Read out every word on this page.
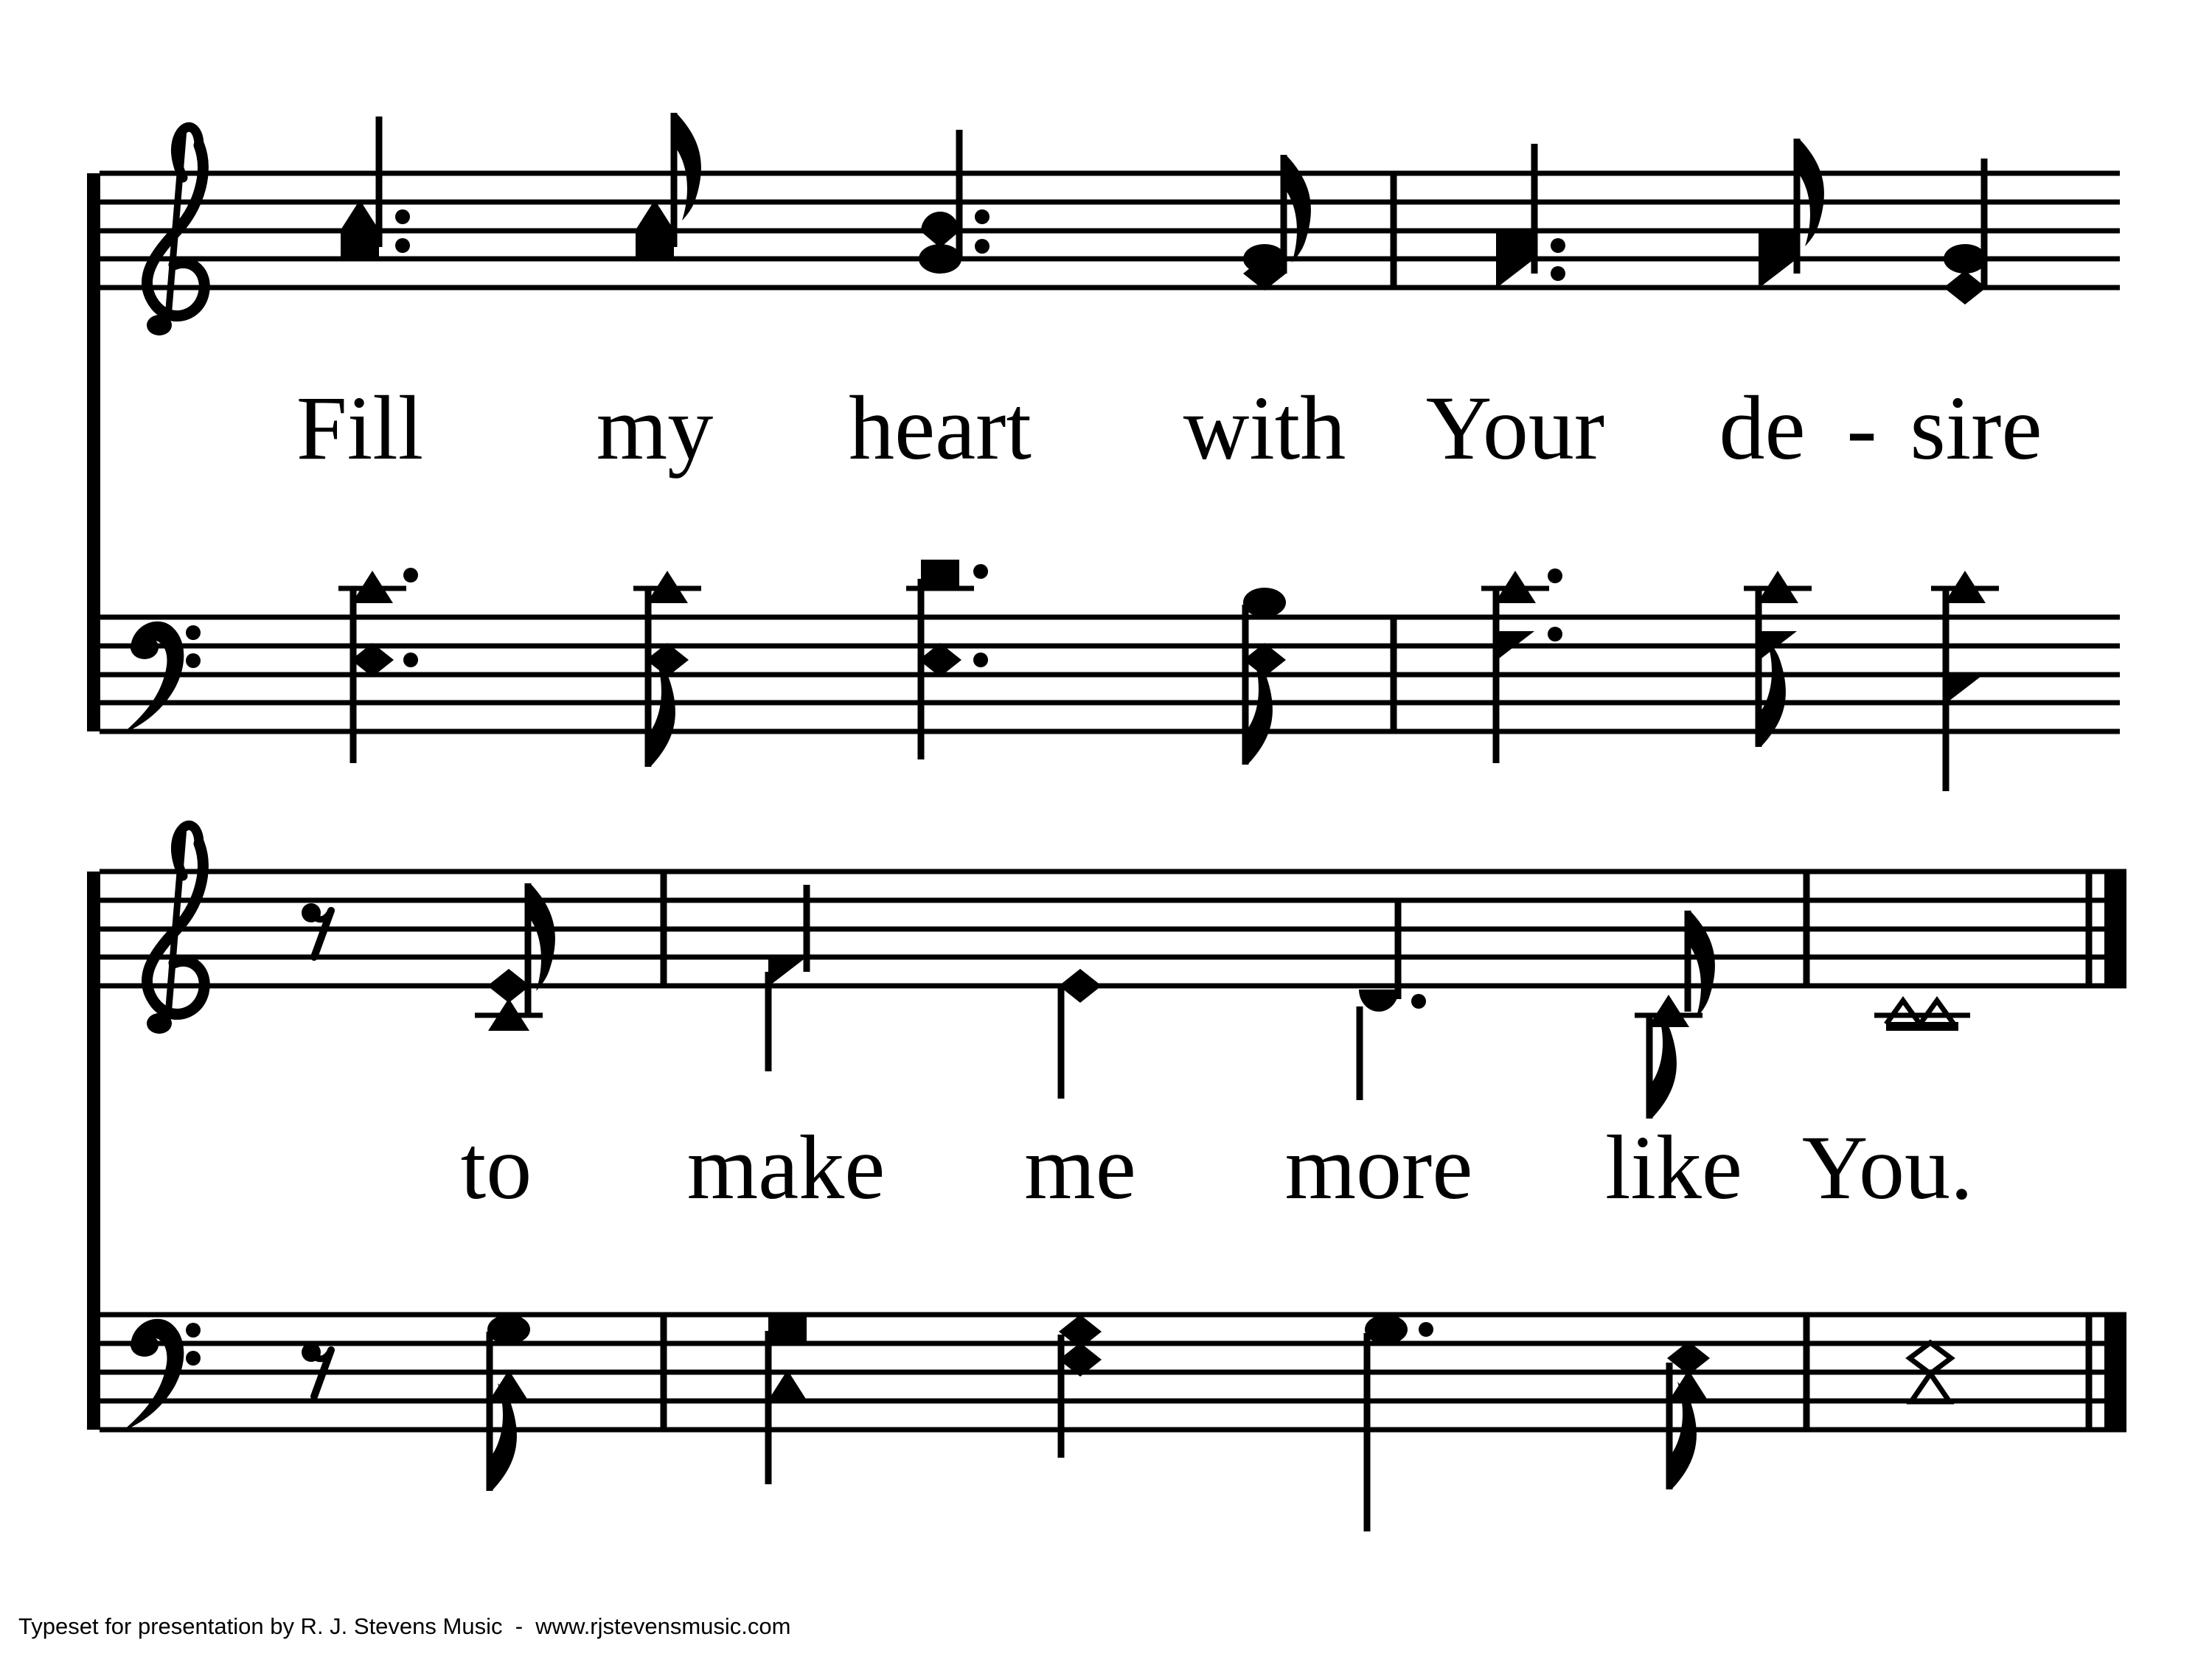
Fill my heart with Your de - sire
to make me more like You.
Typeset for presentation by R. J. Stevens Music  -  www.rjstevensmusic.com
